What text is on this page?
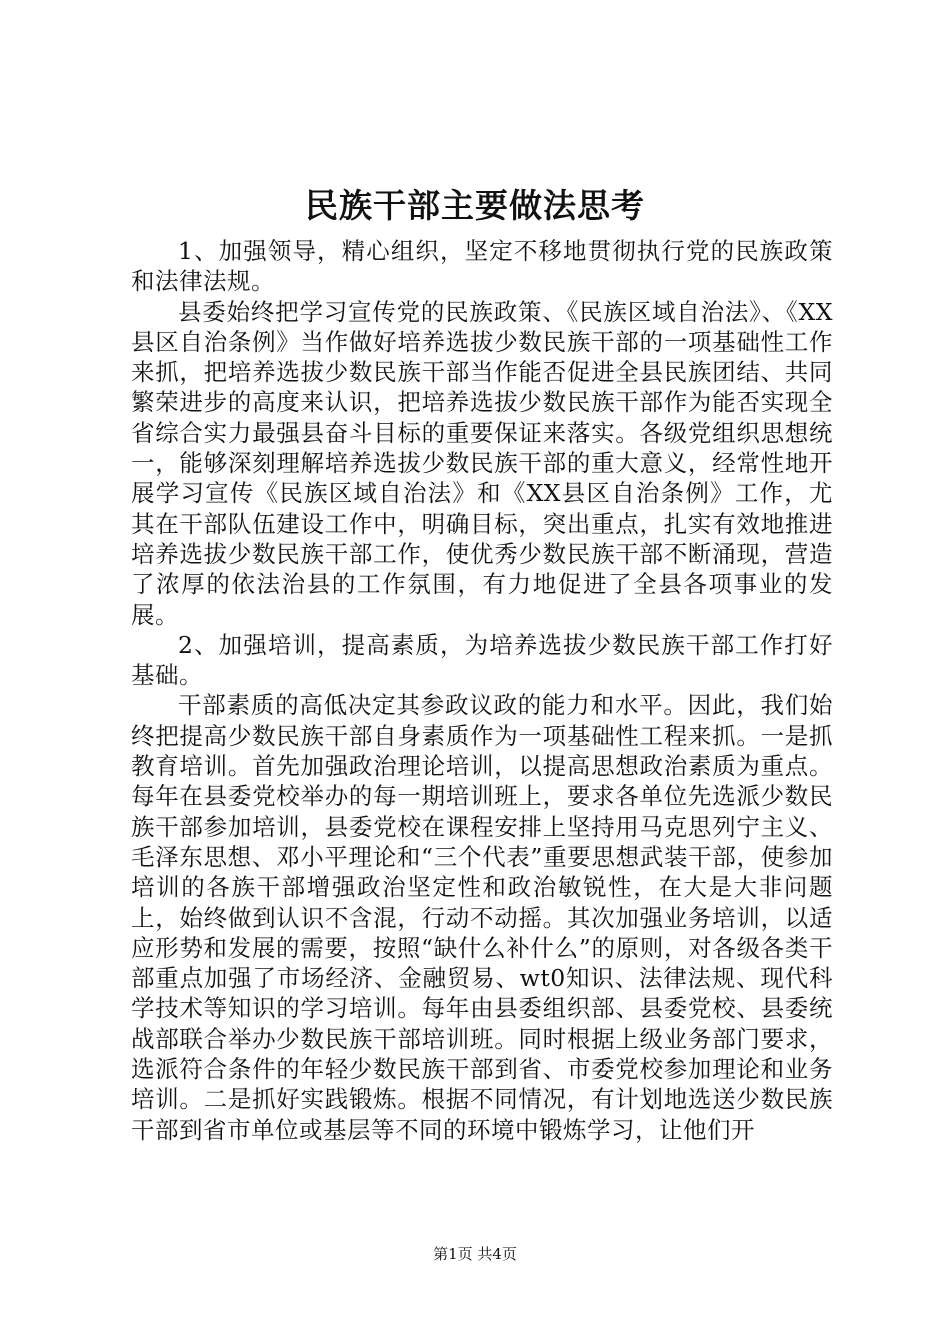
民族干部主要做法思考

1、加强领导，精心组织，坚定不移地贯彻执行党的民族政策和法律法规。

县委始终把学习宣传党的民族政策、《民族区域自治法》、《XX县区自治条例》当作做好培养选拔少数民族干部的一项基础性工作来抓，把培养选拔少数民族干部当作能否促进全县民族团结、共同繁荣进步的高度来认识，把培养选拔少数民族干部作为能否实现全省综合实力最强县奋斗目标的重要保证来落实。各级党组织思想统一，能够深刻理解培养选拔少数民族干部的重大意义，经常性地开展学习宣传《民族区域自治法》和《XX县区自治条例》工作，尤其在干部队伍建设工作中，明确目标，突出重点，扎实有效地推进培养选拔少数民族干部工作，使优秀少数民族干部不断涌现，营造了浓厚的依法治县的工作氛围，有力地促进了全县各项事业的发展。

2、加强培训，提高素质，为培养选拔少数民族干部工作打好基础。

干部素质的高低决定其参政议政的能力和水平。因此，我们始终把提高少数民族干部自身素质作为一项基础性工程来抓。一是抓教育培训。首先加强政治理论培训，以提高思想政治素质为重点。每年在县委党校举办的每一期培训班上，要求各单位先选派少数民族干部参加培训，县委党校在课程安排上坚持用马克思列宁主义、毛泽东思想、邓小平理论和“三个代表”重要思想武装干部，使参加培训的各族干部增强政治坚定性和政治敏锐性，在大是大非问题上，始终做到认识不含混，行动不动摇。其次加强业务培训，以适应形势和发展的需要，按照“缺什么补什么”的原则，对各级各类干部重点加强了市场经济、金融贸易、wt0知识、法律法规、现代科学技术等知识的学习培训。每年由县委组织部、县委党校、县委统战部联合举办少数民族干部培训班。同时根据上级业务部门要求，选派符合条件的年轻少数民族干部到省、市委党校参加理论和业务培训。二是抓好实践锻炼。根据不同情况，有计划地选送少数民族干部到省市单位或基层等不同的环境中锻炼学习，让他们开

第1页 共4页
